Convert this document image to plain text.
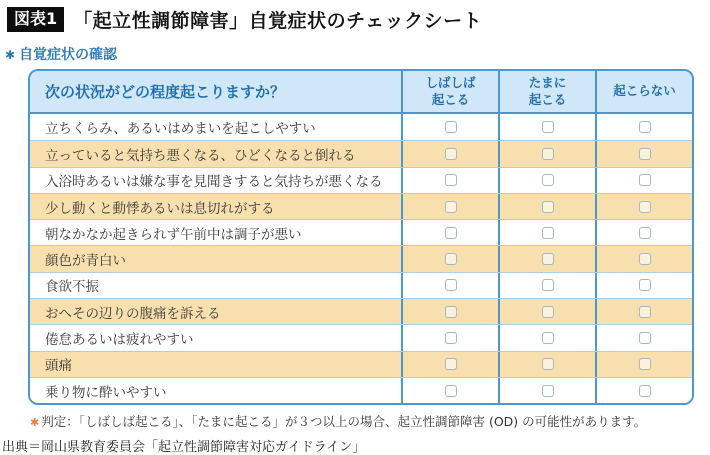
図表1 「起立性調節障害」自覚症状のチェックシート
✱ 自覚症状の確認
次の状況がどの程度起こりますか？
しばしば
起こる
たまに
起こる
起こらない
立ちくらみ、あるいはめまいを起こしやすい
立っていると気持ち悪くなる、ひどくなると倒れる
入浴時あるいは嫌な事を見聞きすると気持ちが悪くなる
少し動くと動悸あるいは息切れがする
朝なかなか起きられず午前中は調子が悪い
顔色が青白い
食欲不振
おへその辺りの腹痛を訴える
倦怠あるいは疲れやすい
頭痛
乗り物に酔いやすい
✱ 判定：「しばしば起こる」、「たまに起こる」が３つ以上の場合、起立性調節障害 (OD) の可能性があります。
出典＝岡山県教育委員会「起立性調節障害対応ガイドライン」
